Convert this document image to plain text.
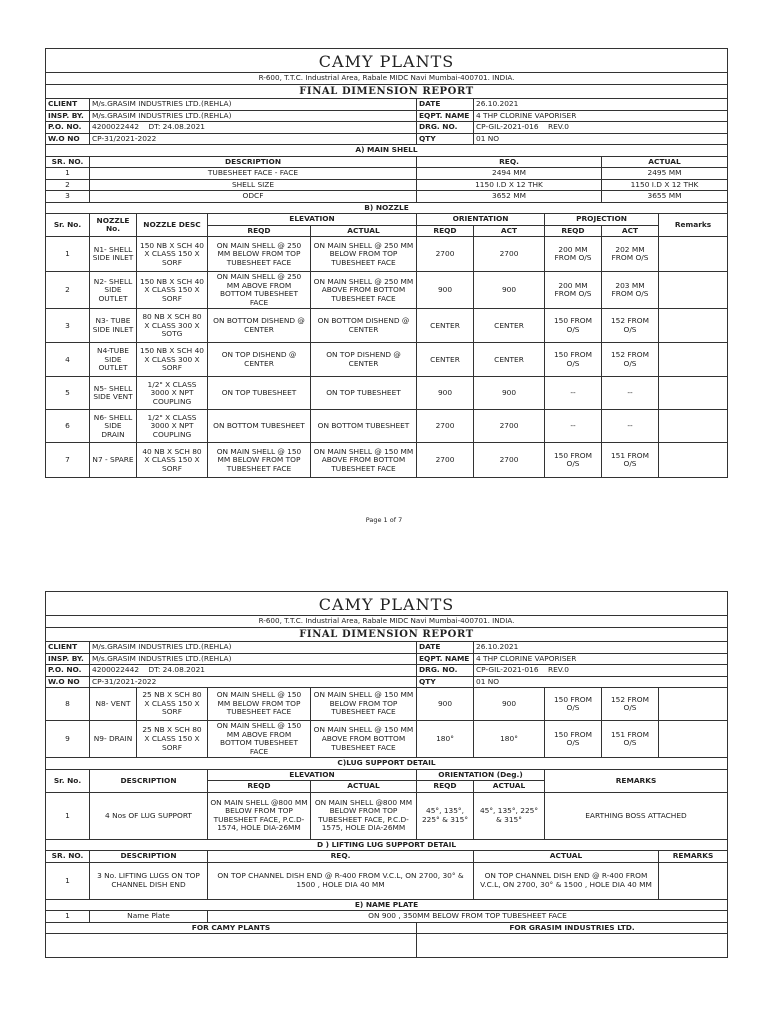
CAMY PLANTS									
R-600, T.T.C. Industrial Area, Rabale MIDC Navi Mumbai-400701. INDIA.									
FINAL DIMENSION REPORT									
CLIENT	M/s.GRASIM INDUSTRIES LTD.(REHLA)				DATE	26.10.2021			
INSP. BY.	M/s.GRASIM INDUSTRIES LTD.(REHLA)				EQPT. NAME	4 THP CLORINE VAPORISER			
P.O. NO.	4200022442 DT: 24.08.2021				DRG. NO.	CP-GIL-2021-016 REV.0			
W.O NO	CP-31/2021-2022				QTY	01 NO			
A) MAIN SHELL									
SR. NO.	DESCRIPTION				REQ.			ACTUAL	
1	TUBESHEET FACE - FACE				2494 MM			2495 MM	
2	SHELL SIZE				1150 I.D X 12 THK			1150 I.D X 12 THK	
3	ODCF				3652 MM			3655 MM	
B) NOZZLE									
Sr. No.	NOZZLE No.	NOZZLE DESC	ELEVATION		ORIENTATION		PROJECTION		Remarks
			REQD	ACTUAL	REQD	ACT	REQD	ACT	
1	N1- SHELL SIDE INLET	150 NB X SCH 40 X CLASS 150 X SORF	ON MAIN SHELL @ 250 MM BELOW FROM TOP TUBESHEET FACE	ON MAIN SHELL @ 250 MM BELOW FROM TOP TUBESHEET FACE	2700	2700	200 MM FROM O/S	202 MM FROM O/S	
2	N2- SHELL SIDE OUTLET	150 NB X SCH 40 X CLASS 150 X SORF	ON MAIN SHELL @ 250 MM ABOVE FROM BOTTOM TUBESHEET FACE	ON MAIN SHELL @ 250 MM ABOVE FROM BOTTOM TUBESHEET FACE	900	900	200 MM FROM O/S	203 MM FROM O/S	
3	N3- TUBE SIDE INLET	80 NB X SCH 80 X CLASS 300 X SOTG	ON BOTTOM DISHEND @ CENTER	ON BOTTOM DISHEND @ CENTER	CENTER	CENTER	150 FROM O/S	152 FROM O/S	
4	N4-TUBE SIDE OUTLET	150 NB X SCH 40 X CLASS 300 X SORF	ON TOP DISHEND @ CENTER	ON TOP DISHEND @ CENTER	CENTER	CENTER	150 FROM O/S	152 FROM O/S	
5	N5- SHELL SIDE VENT	1/2" X CLASS 3000 X NPT COUPLING	ON TOP TUBESHEET	ON TOP TUBESHEET	900	900	--	--	
6	N6- SHELL SIDE DRAIN	1/2" X CLASS 3000 X NPT COUPLING	ON BOTTOM TUBESHEET	ON BOTTOM TUBESHEET	2700	2700	--	--	
7	N7 - SPARE	40 NB X SCH 80 X CLASS 150 X SORF	ON MAIN SHELL @ 150 MM BELOW FROM TOP TUBESHEET FACE	ON MAIN SHELL @ 150 MM ABOVE FROM BOTTOM TUBESHEET FACE	2700	2700	150 FROM O/S	151 FROM O/S	
Page 1 of 7
CAMY PLANTS									
R-600, T.T.C. Industrial Area, Rabale MIDC Navi Mumbai-400701. INDIA.									
FINAL DIMENSION REPORT									
CLIENT	M/s.GRASIM INDUSTRIES LTD.(REHLA)				DATE	26.10.2021			
INSP. BY.	M/s.GRASIM INDUSTRIES LTD.(REHLA)				EQPT. NAME	4 THP CLORINE VAPORISER			
P.O. NO.	4200022442 DT: 24.08.2021				DRG. NO.	CP-GIL-2021-016 REV.0			
W.O NO	CP-31/2021-2022				QTY	01 NO			
8	N8- VENT	25 NB X SCH 80 X CLASS 150 X SORF	ON MAIN SHELL @ 150 MM BELOW FROM TOP TUBESHEET FACE	ON MAIN SHELL @ 150 MM BELOW FROM TOP TUBESHEET FACE	900	900	150 FROM O/S	152 FROM O/S	
9	N9- DRAIN	25 NB X SCH 80 X CLASS 150 X SORF	ON MAIN SHELL @ 150 MM ABOVE FROM BOTTOM TUBESHEET FACE	ON MAIN SHELL @ 150 MM ABOVE FROM BOTTOM TUBESHEET FACE	180°	180°	150 FROM O/S	151 FROM O/S	
C)LUG SUPPORT DETAIL									
Sr. No.	DESCRIPTION		ELEVATION		ORIENTATION (Deg.)		REMARKS		
			REQD	ACTUAL	REQD	ACTUAL			
1	4 Nos OF LUG SUPPORT		ON MAIN SHELL @800 MM BELOW FROM TOP TUBESHEET FACE, P.C.D-1574, HOLE DIA-26MM	ON MAIN SHELL @800 MM BELOW FROM TOP TUBESHEET FACE, P.C.D-1575, HOLE DIA-26MM	45°, 135°, 225° & 315°	45°, 135°, 225° & 315°	EARTHING BOSS ATTACHED		
D ) LIFTING LUG SUPPORT DETAIL									
SR. NO.	DESCRIPTION		REQ.			ACTUAL			REMARKS
1	3 No. LIFTING LUGS ON TOP CHANNEL DISH END		ON TOP CHANNEL DISH END @ R-400 FROM V.C.L, ON 2700, 30° & 1500 , HOLE DIA 40 MM			ON TOP CHANNEL DISH END @ R-400 FROM V.C.L, ON 2700, 30° & 1500 , HOLE DIA 40 MM			
E) NAME PLATE									
1	Name Plate		ON 900 , 350MM BELOW FROM TOP TUBESHEET FACE						
FOR CAMY PLANTS					FOR GRASIM INDUSTRIES LTD.				
